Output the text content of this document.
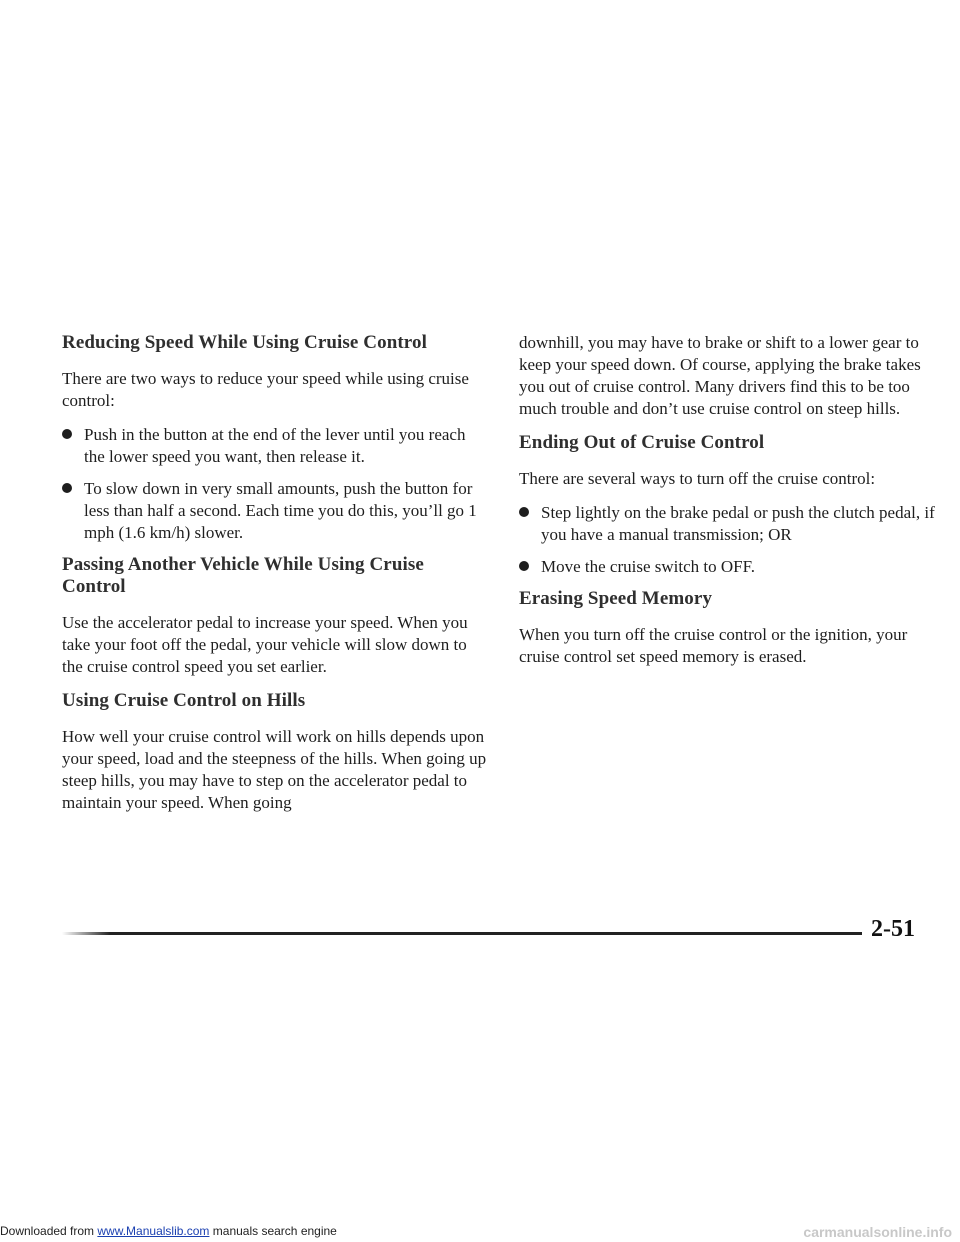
Reducing Speed While Using Cruise Control

There are two ways to reduce your speed while using cruise control:

Push in the button at the end of the lever until you reach the lower speed you want, then release it.
To slow down in very small amounts, push the button for less than half a second. Each time you do this, you’ll go 1 mph (1.6 km/h) slower.
Passing Another Vehicle While Using Cruise Control

Use the accelerator pedal to increase your speed. When you take your foot off the pedal, your vehicle will slow down to the cruise control speed you set earlier.

Using Cruise Control on Hills

How well your cruise control will work on hills depends upon your speed, load and the steepness of the hills. When going up steep hills, you may have to step on the accelerator pedal to maintain your speed. When going

downhill, you may have to brake or shift to a lower gear to keep your speed down. Of course, applying the brake takes you out of cruise control. Many drivers find this to be too much trouble and don’t use cruise control on steep hills.

Ending Out of Cruise Control

There are several ways to turn off the cruise control:

Step lightly on the brake pedal or push the clutch pedal, if you have a manual transmission; OR
Move the cruise switch to OFF.
Erasing Speed Memory

When you turn off the cruise control or the ignition, your cruise control set speed memory is erased.

2-51
Downloaded from www.Manualslib.com manuals search engine	carmanualsonline.info
